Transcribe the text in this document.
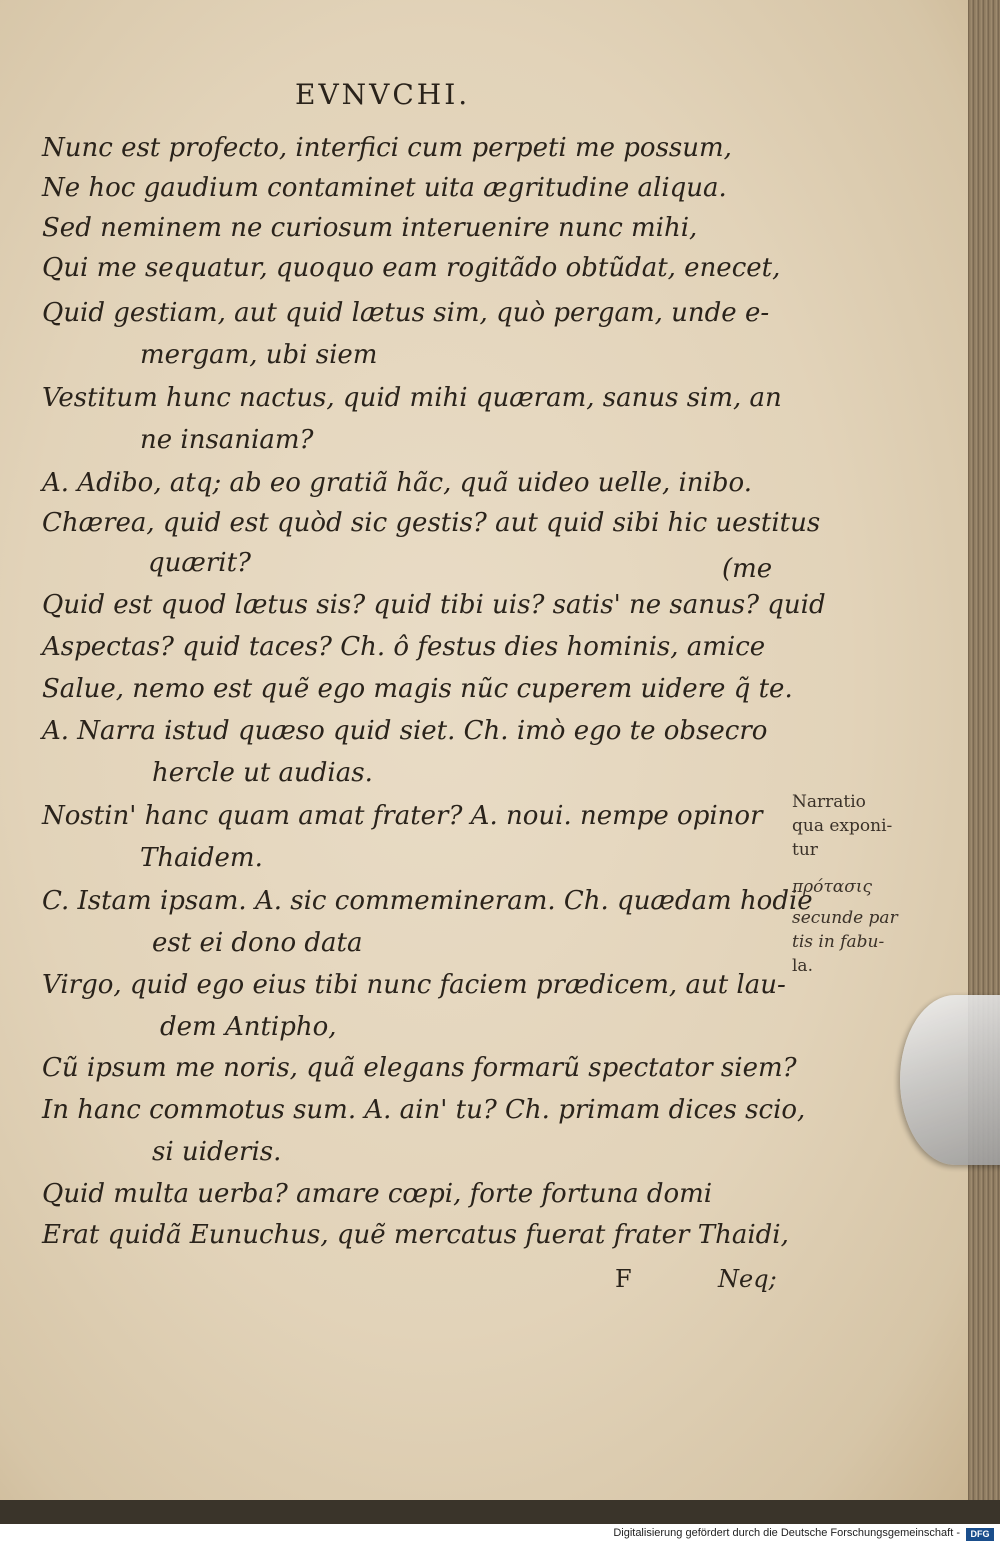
EVNVCHI.
Nunc est profecto, interfici cum perpeti me possum,
Ne hoc gaudium contaminet uita ægritudine aliqua.
Sed neminem ne curiosum interuenire nunc mihi,
Qui me sequatur, quoquo eam rogitãdo obtũdat, enecet,
Quid gestiam, aut quid lætus sim, quò pergam, unde e-
mergam, ubi siem
Vestitum hunc nactus, quid mihi quæram, sanus sim, an
ne insaniam?
A. Adibo, atq; ab eo gratiã hãc, quã uideo uelle, inibo.
Chærea, quid est quòd sic gestis? aut quid sibi hic uestitus
quærit?	(me
Quid est quod lætus sis? quid tibi uis? satis' ne sanus? quid
Aspectas? quid taces? Ch. ô festus dies hominis, amice
Salue, nemo est quẽ ego magis nũc cuperem uidere q̃ te.
A. Narra istud quæso quid siet. Ch. imò ego te obsecro
hercle ut audias.
Nostin' hanc quam amat frater? A. noui. nempe opinor
Thaidem.
C. Istam ipsam. A. sic commemineram. Ch. quædam hodie
est ei dono data
Virgo, quid ego eius tibi nunc faciem prædicem, aut lau-
dem Antipho,
Cũ ipsum me noris, quã elegans formarũ spectator siem?
In hanc commotus sum. A. ain' tu? Ch. primam dices scio,
si uideris.
Quid multa uerba? amare cœpi, forte fortuna domi
Erat quidã Eunuchus, quẽ mercatus fuerat frater Thaidi,
F	Neq;
Narratio
qua exponi-
tur
πρότασις
secunde par
tis in fabu-
la.
Digitalisierung gefördert durch die Deutsche Forschungsgemeinschaft -	DFG
